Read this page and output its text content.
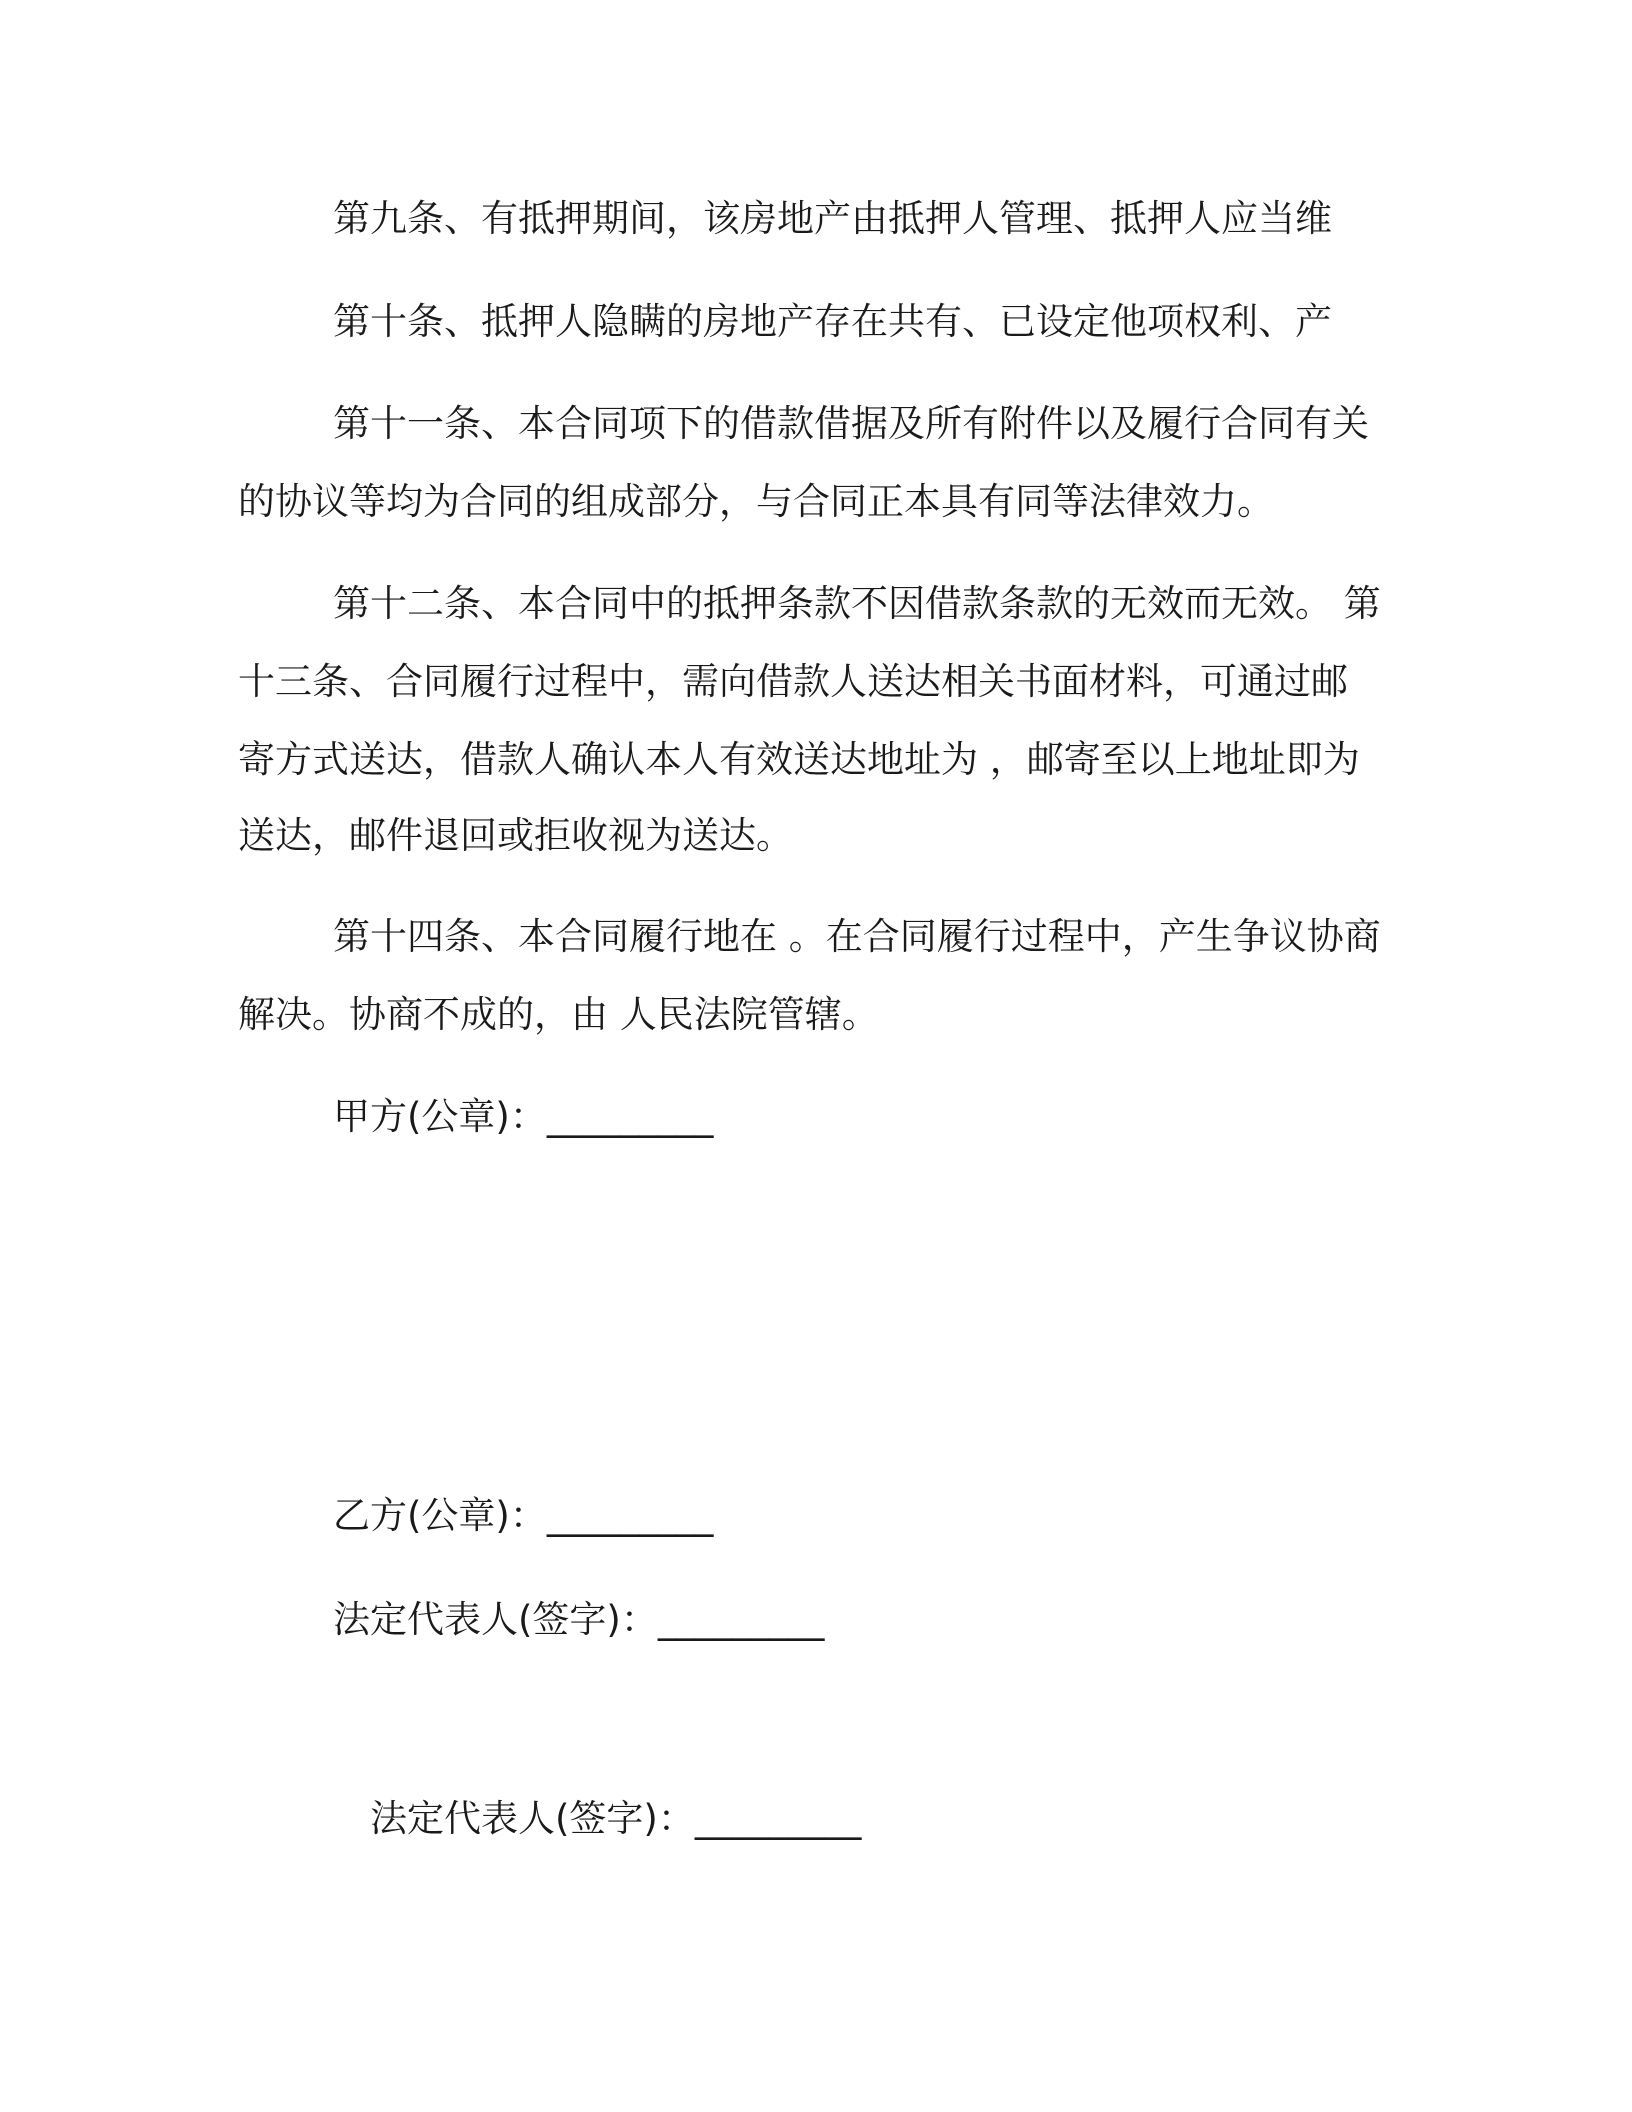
第九条、有抵押期间，该房地产由抵押人管理、抵押人应当维
第十条、抵押人隐瞒的房地产存在共有、已设定他项权利、产
第十一条、本合同项下的借款借据及所有附件以及履行合同有关
的协议等均为合同的组成部分，与合同正本具有同等法律效力。
第十二条、本合同中的抵押条款不因借款条款的无效而无效。 第
十三条、合同履行过程中，需向借款人送达相关书面材料，可通过邮
寄方式送达，借款人确认本人有效送达地址为 ，邮寄至以上地址即为
送达，邮件退回或拒收视为送达。
第十四条、本合同履行地在 。在合同履行过程中，产生争议协商
解决。协商不成的，由 人民法院管辖。
甲方(公章)：_________
乙方(公章)：_________
法定代表人(签字)：_________
法定代表人(签字)：_________
